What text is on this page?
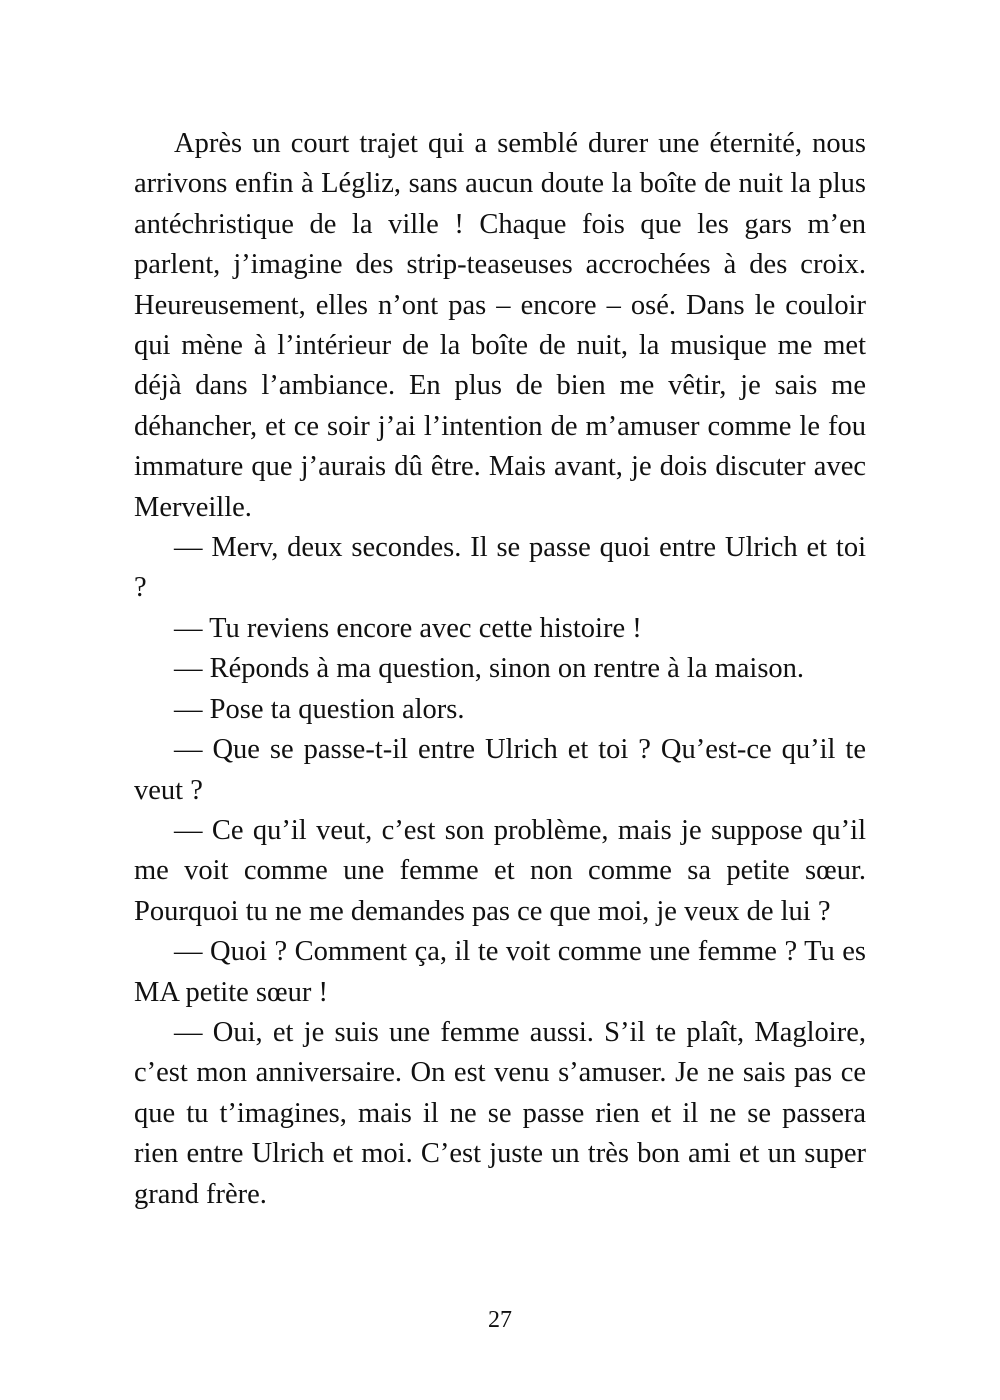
Après un court trajet qui a semblé durer une éternité, nous arrivons enfin à Légliz, sans aucun doute la boîte de nuit la plus antéchristique de la ville ! Chaque fois que les gars m’en parlent, j’imagine des strip-teaseuses accrochées à des croix. Heureusement, elles n’ont pas – encore – osé. Dans le couloir qui mène à l’intérieur de la boîte de nuit, la musique me met déjà dans l’ambiance. En plus de bien me vêtir, je sais me déhancher, et ce soir j’ai l’intention de m’amuser comme le fou immature que j’aurais dû être. Mais avant, je dois discuter avec Merveille.

— Merv, deux secondes. Il se passe quoi entre Ulrich et toi ?

— Tu reviens encore avec cette histoire !

— Réponds à ma question, sinon on rentre à la maison.

— Pose ta question alors.

— Que se passe-t-il entre Ulrich et toi ? Qu’est-ce qu’il te veut ?

— Ce qu’il veut, c’est son problème, mais je suppose qu’il me voit comme une femme et non comme sa petite sœur. Pourquoi tu ne me demandes pas ce que moi, je veux de lui ?

— Quoi ? Comment ça, il te voit comme une femme ? Tu es MA petite sœur !

— Oui, et je suis une femme aussi. S’il te plaît, Magloire, c’est mon anniversaire. On est venu s’amuser. Je ne sais pas ce que tu t’imagines, mais il ne se passe rien et il ne se passera rien entre Ulrich et moi. C’est juste un très bon ami et un super grand frère.

27
